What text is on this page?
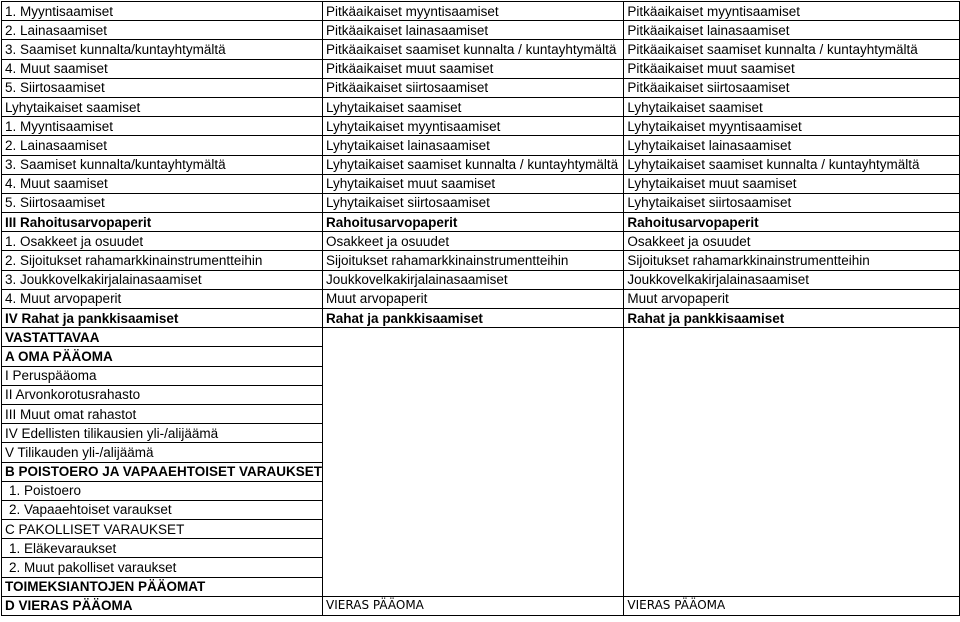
1. Myyntisaamiset	Pitkäaikaiset myyntisaamiset	Pitkäaikaiset myyntisaamiset
2. Lainasaamiset	Pitkäaikaiset lainasaamiset	Pitkäaikaiset lainasaamiset
3. Saamiset kunnalta/kuntayhtymältä	Pitkäaikaiset saamiset kunnalta / kuntayhtymältä	Pitkäaikaiset saamiset kunnalta / kuntayhtymältä
4. Muut saamiset	Pitkäaikaiset muut saamiset	Pitkäaikaiset muut saamiset
5. Siirtosaamiset	Pitkäaikaiset siirtosaamiset	Pitkäaikaiset siirtosaamiset
Lyhytaikaiset saamiset	Lyhytaikaiset saamiset	Lyhytaikaiset saamiset
1. Myyntisaamiset	Lyhytaikaiset myyntisaamiset	Lyhytaikaiset myyntisaamiset
2. Lainasaamiset	Lyhytaikaiset lainasaamiset	Lyhytaikaiset lainasaamiset
3. Saamiset kunnalta/kuntayhtymältä	Lyhytaikaiset saamiset kunnalta / kuntayhtymältä	Lyhytaikaiset saamiset kunnalta / kuntayhtymältä
4. Muut saamiset	Lyhytaikaiset muut saamiset	Lyhytaikaiset muut saamiset
5. Siirtosaamiset	Lyhytaikaiset siirtosaamiset	Lyhytaikaiset siirtosaamiset
III Rahoitusarvopaperit	Rahoitusarvopaperit	Rahoitusarvopaperit
1. Osakkeet ja osuudet	Osakkeet ja osuudet	Osakkeet ja osuudet
2. Sijoitukset rahamarkkinainstrumentteihin	Sijoitukset rahamarkkinainstrumentteihin	Sijoitukset rahamarkkinainstrumentteihin
3. Joukkovelkakirjalainasaamiset	Joukkovelkakirjalainasaamiset	Joukkovelkakirjalainasaamiset
4. Muut arvopaperit	Muut arvopaperit	Muut arvopaperit
IV Rahat ja pankkisaamiset	Rahat ja pankkisaamiset	Rahat ja pankkisaamiset
VASTATTAVAA		
A OMA PÄÄOMA		
I Peruspääoma		
II Arvonkorotusrahasto		
III Muut omat rahastot		
IV Edellisten tilikausien yli-/alijäämä		
V Tilikauden yli-/alijäämä		
B POISTOERO JA VAPAAEHTOISET VARAUKSET		
1. Poistoero		
2. Vapaaehtoiset varaukset		
C PAKOLLISET VARAUKSET		
1. Eläkevaraukset		
2. Muut pakolliset varaukset		
TOIMEKSIANTOJEN PÄÄOMAT		
D VIERAS PÄÄOMA	VIERAS PÄÄOMA	VIERAS PÄÄOMA
